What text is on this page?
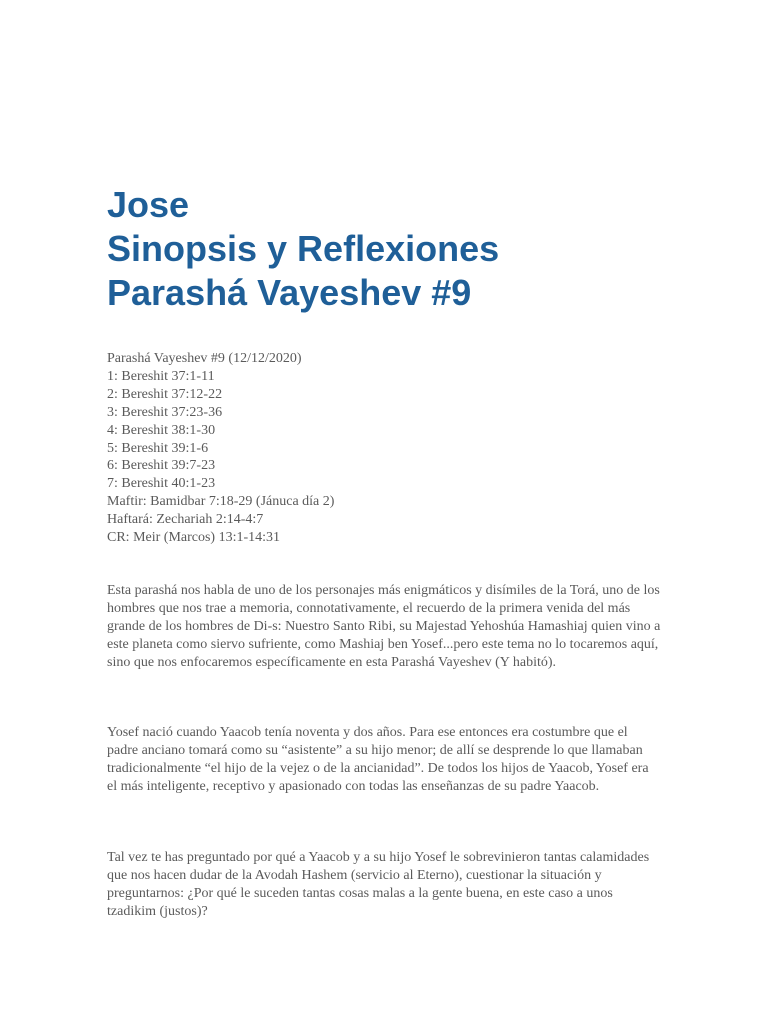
Jose
Sinopsis y Reflexiones
Parashá Vayeshev #9
Parashá Vayeshev #9 (12/12/2020)
1: Bereshit 37:1-11
2: Bereshit 37:12-22
3: Bereshit 37:23-36
4: Bereshit 38:1-30
5: Bereshit 39:1-6
6: Bereshit 39:7-23
7: Bereshit 40:1-23
Maftir: Bamidbar 7:18-29 (Jánuca día 2)
Haftará: Zechariah 2:14-4:7
CR: Meir (Marcos) 13:1-14:31

Esta parashá nos habla de uno de los personajes más enigmáticos y disímiles de la Torá, uno de los hombres que nos trae a memoria, connotativamente, el recuerdo de la primera venida del más grande de los hombres de Di-s: Nuestro Santo Ribi, su Majestad Yehoshúa Hamashiaj quien vino a este planeta como siervo sufriente, como Mashiaj ben Yosef...pero este tema no lo tocaremos aquí, sino que nos enfocaremos específicamente en esta Parashá Vayeshev (Y habitó).

Yosef nació cuando Yaacob tenía noventa y dos años. Para ese entonces era costumbre que el padre anciano tomará como su “asistente” a su hijo menor; de allí se desprende lo que llamaban tradicionalmente “el hijo de la vejez o de la ancianidad”. De todos los hijos de Yaacob, Yosef era el más inteligente, receptivo y apasionado con todas las enseñanzas de su padre Yaacob.

Tal vez te has preguntado por qué a Yaacob y a su hijo Yosef le sobrevinieron tantas calamidades que nos hacen dudar de la Avodah Hashem (servicio al Eterno), cuestionar la situación y preguntarnos: ¿Por qué le suceden tantas cosas malas a la gente buena, en este caso a unos tzadikim (justos)?
